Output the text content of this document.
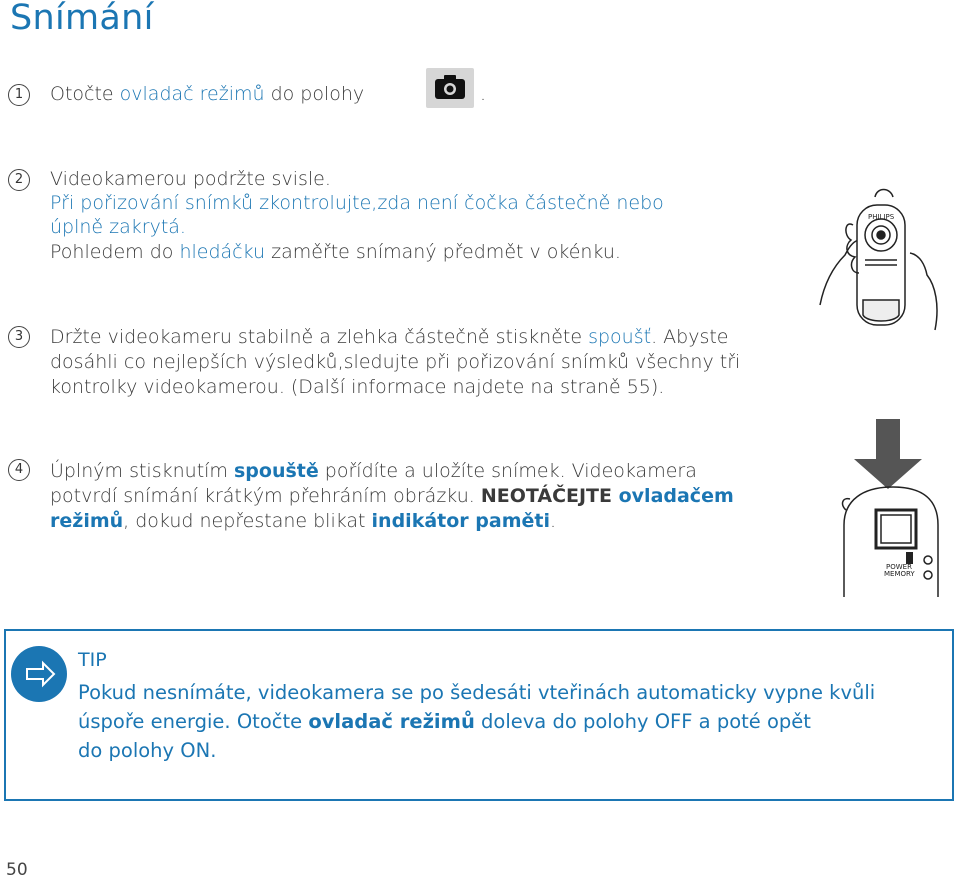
Snímání
1	Otočte ovladač režimů do polohy	.
2	Videokamerou podržte svisle.
Při pořizování snímků zkontrolujte,zda není čočka částečně nebo
úplně zakrytá.
Pohledem do hledáčku zaměřte snímaný předmět v okénku.
3	Držte videokameru stabilně a zlehka částečně stiskněte spoušť. Abyste
dosáhli co nejlepších výsledků,sledujte při pořizování snímků všechny tři
kontrolky videokamerou. (Další informace najdete na straně 55).
4	Úplným stisknutím spouště pořídíte a uložíte snímek. Videokamera
potvrdí snímání krátkým přehráním obrázku. NEOTÁČEJTE ovladačem
režimů, dokud nepřestane blikat indikátor paměti.
PHILIPS
POWER
MEMORY
TIP
Pokud nesnímáte, videokamera se po šedesáti vteřinách automaticky vypne kvůli
úspoře energie. Otočte ovladač režimů doleva do polohy OFF a poté opět
do polohy ON.
50
